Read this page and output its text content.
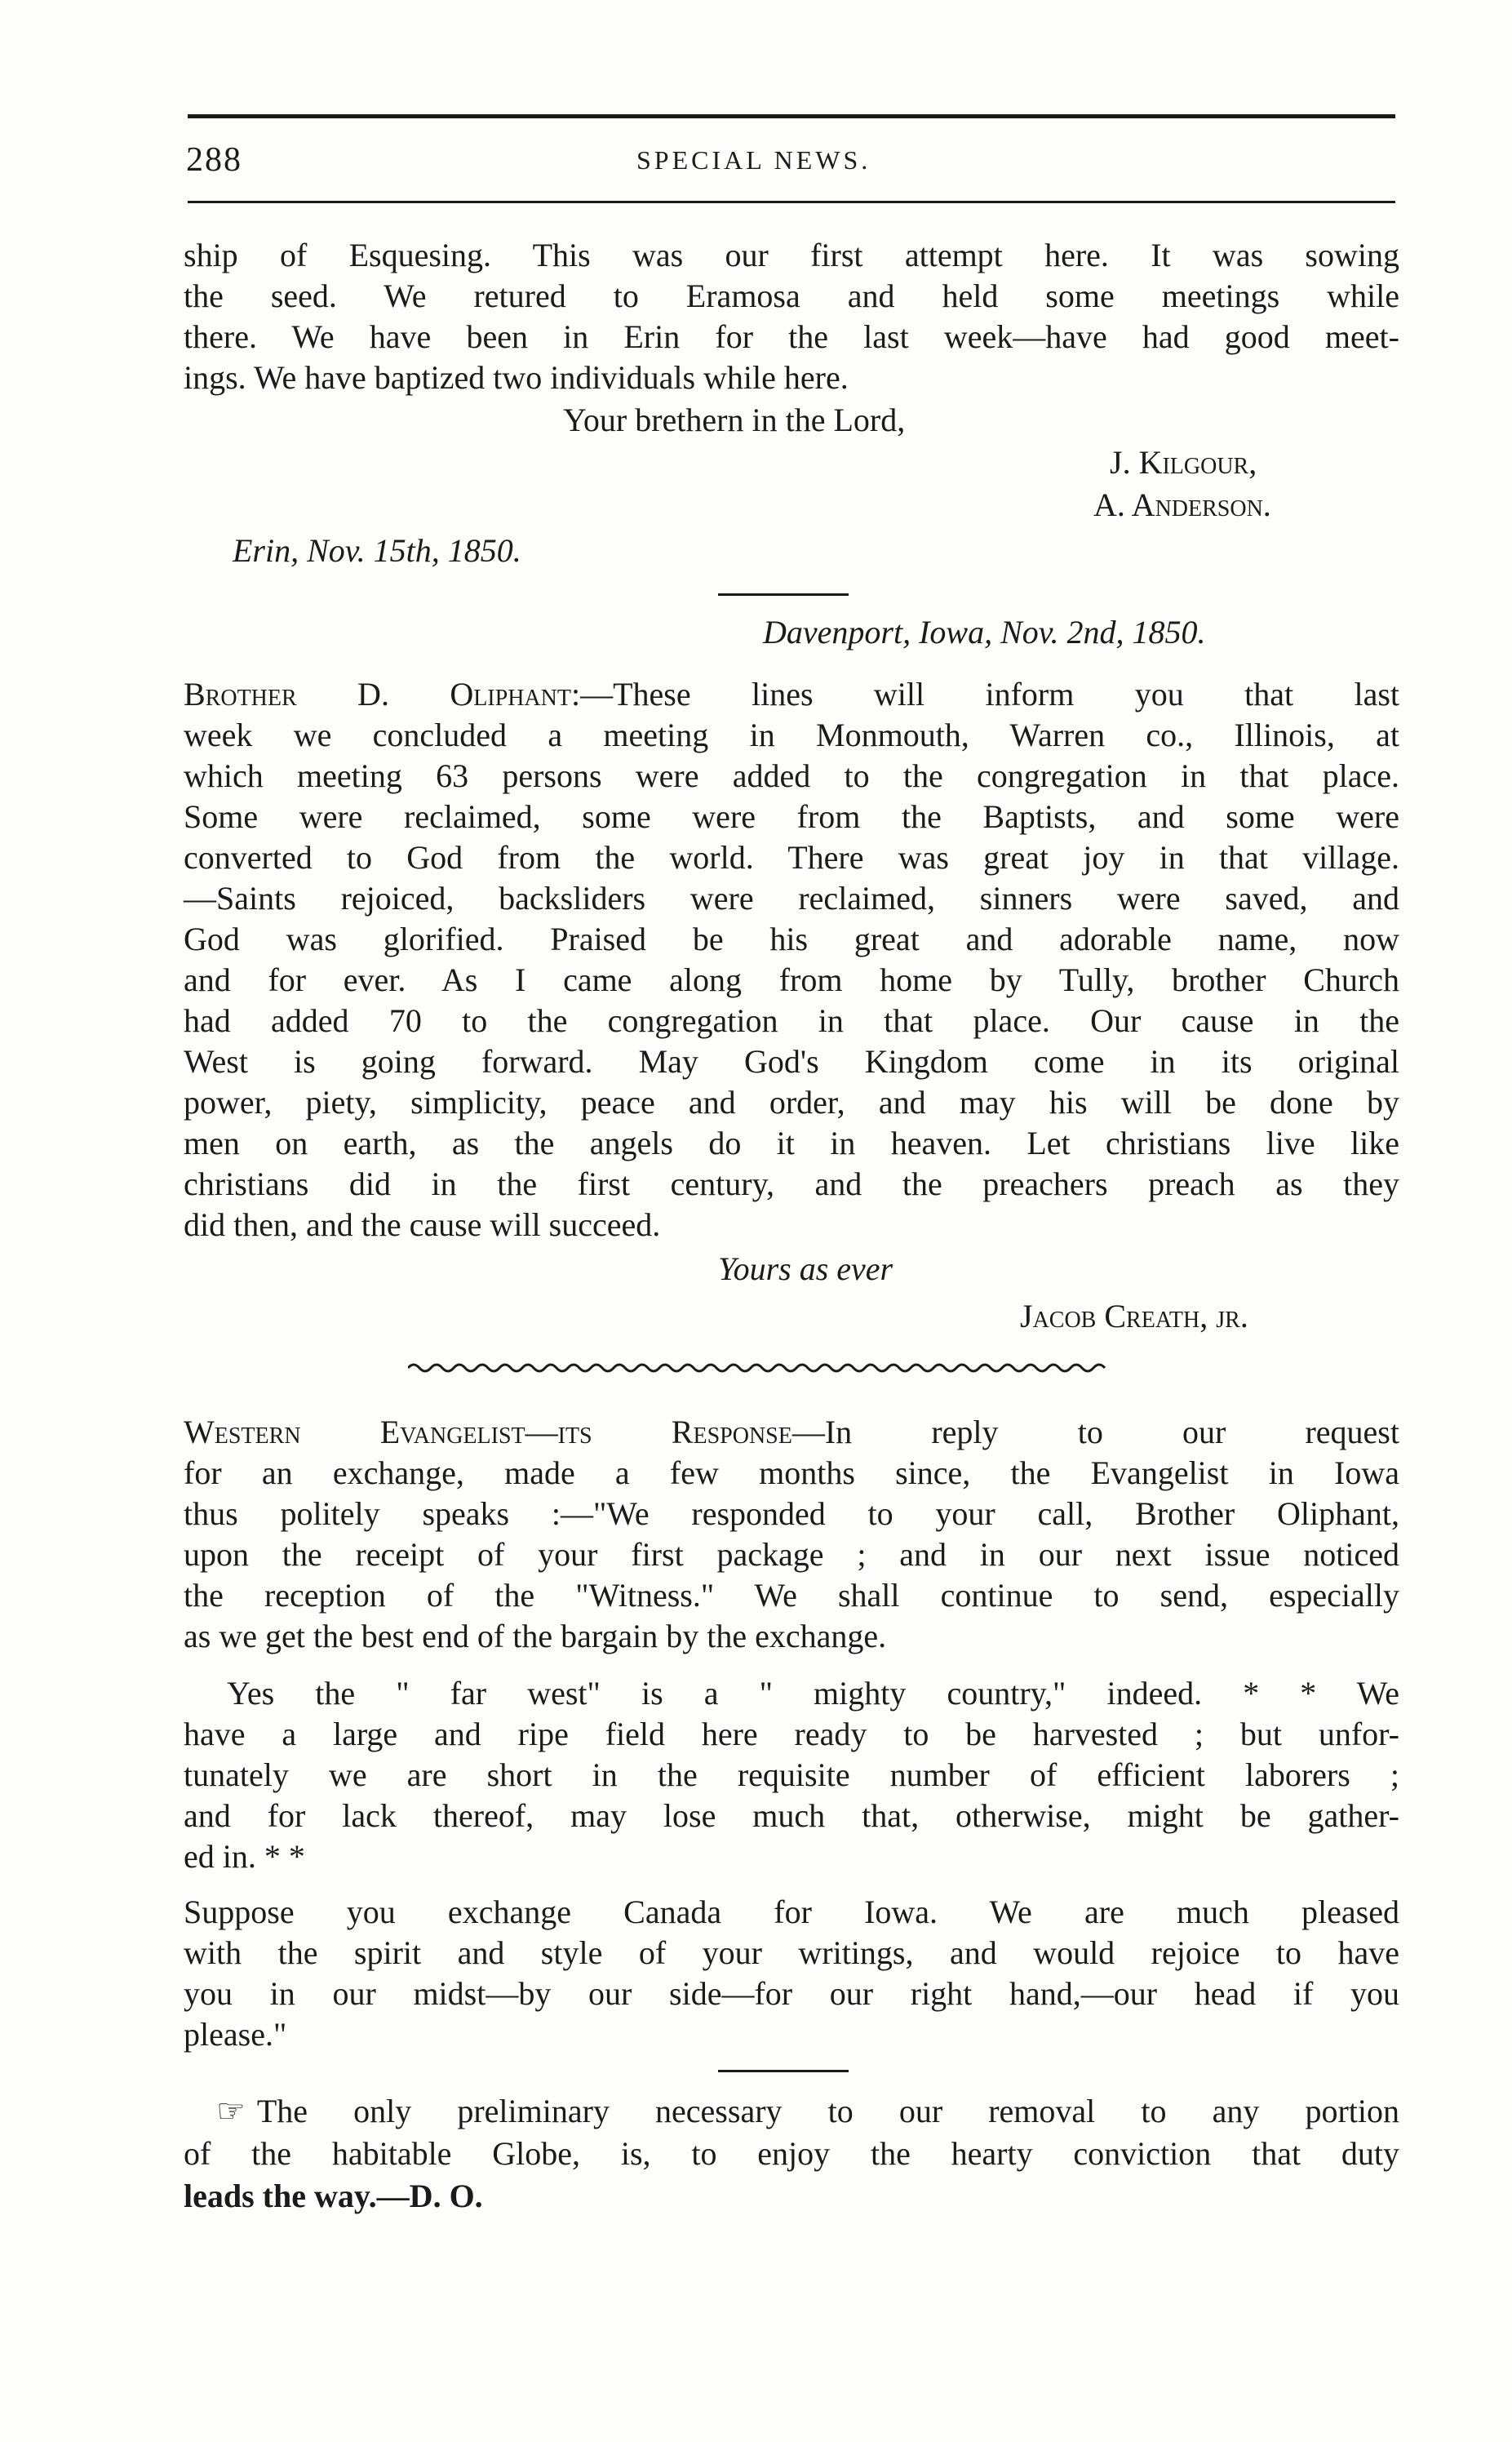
288	SPECIAL NEWS.
ship of Esquesing. This was our first attempt here. It was sowing
the seed. We retured to Eramosa and held some meetings while
there. We have been in Erin for the last week—have had good meet-
ings. We have baptized two individuals while here.
Your brethern in the Lord,
J. Kilgour,
A. Anderson.
Erin, Nov. 15th, 1850.
Davenport, Iowa, Nov. 2nd, 1850.
Brother D. Oliphant:—These lines will inform you that last
week we concluded a meeting in Monmouth, Warren co., Illinois, at
which meeting 63 persons were added to the congregation in that place.
Some were reclaimed, some were from the Baptists, and some were
converted to God from the world. There was great joy in that village.
—Saints rejoiced, backsliders were reclaimed, sinners were saved, and
God was glorified. Praised be his great and adorable name, now
and for ever. As I came along from home by Tully, brother Church
had added 70 to the congregation in that place. Our cause in the
West is going forward. May God's Kingdom come in its original
power, piety, simplicity, peace and order, and may his will be done by
men on earth, as the angels do it in heaven. Let christians live like
christians did in the first century, and the preachers preach as they
did then, and the cause will succeed.
Yours as ever
Jacob Creath, jr.
Western Evangelist—its Response—In reply to our request
for an exchange, made a few months since, the Evangelist in Iowa
thus politely speaks :—"We responded to your call, Brother Oliphant,
upon the receipt of your first package ; and in our next issue noticed
the reception of the "Witness." We shall continue to send, especially
as we get the best end of the bargain by the exchange.
Yes the " far west" is a " mighty country," indeed. * * We
have a large and ripe field here ready to be harvested ; but unfor-
tunately we are short in the requisite number of efficient laborers ;
and for lack thereof, may lose much that, otherwise, might be gather-
ed in. * *
Suppose you exchange Canada for Iowa. We are much pleased
with the spirit and style of your writings, and would rejoice to have
you in our midst—by our side—for our right hand,—our head if you
please."
☞ The only preliminary necessary to our removal to any portion
of the habitable Globe, is, to enjoy the hearty conviction that duty
leads the way.—D. O.
